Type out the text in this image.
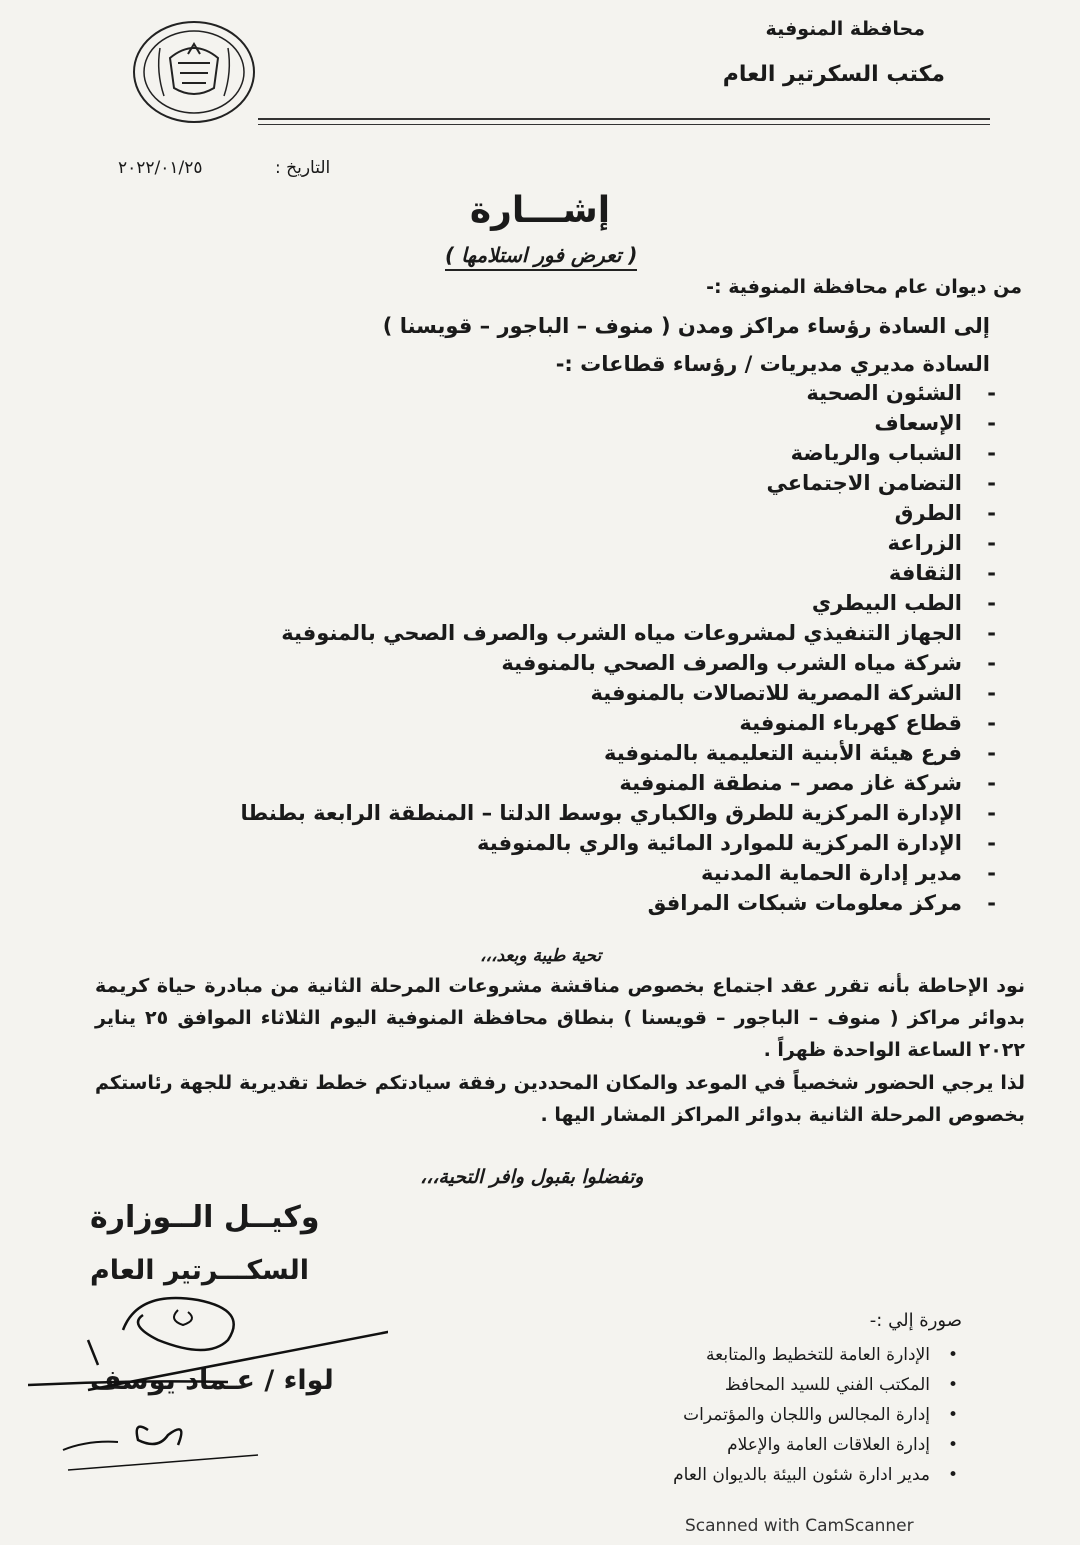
محافظة المنوفية
مكتب السكرتير العام
التاريخ :
٢٠٢٢/٠١/٢٥
إشـــارة
( تعرض فور استلامها )
من ديوان عام محافظة المنوفية :-
إلى السادة رؤساء مراكز ومدن ( منوف – الباجور – قويسنا )
السادة مديري مديريات / رؤساء قطاعات :-
-
الشئون الصحية
-
الإسعاف
-
الشباب والرياضة
-
التضامن الاجتماعي
-
الطرق
-
الزراعة
-
الثقافة
-
الطب البيطري
-
الجهاز التنفيذي لمشروعات مياه الشرب والصرف الصحي بالمنوفية
-
شركة مياه الشرب والصرف الصحي بالمنوفية
-
الشركة المصرية للاتصالات بالمنوفية
-
قطاع كهرباء المنوفية
-
فرع هيئة الأبنية التعليمية بالمنوفية
-
شركة غاز مصر – منطقة المنوفية
-
الإدارة المركزية للطرق والكباري بوسط الدلتا – المنطقة الرابعة بطنطا
-
الإدارة المركزية للموارد المائية والري بالمنوفية
-
مدير إدارة الحماية المدنية
-
مركز معلومات شبكات المرافق
تحية طيبة وبعد،،،
نود الإحاطة بأنه تقرر عقد اجتماع بخصوص مناقشة مشروعات المرحلة الثانية من مبادرة حياة كريمة بدوائر مراكز ( منوف – الباجور – قويسنا ) بنطاق محافظة المنوفية اليوم الثلاثاء الموافق ٢٥ يناير ٢٠٢٢ الساعة الواحدة ظهراً .
لذا يرجي الحضور شخصياً في الموعد والمكان المحددين رفقة سيادتكم خطط تقديرية للجهة رئاستكم بخصوص المرحلة الثانية بدوائر المراكز المشار اليها .
وتفضلوا بقبول وافر التحية،،،
وكيــل الــوزارة
السكـــرتير العام
لواء / عـماد يوسف
صورة إلي :-
•
الإدارة العامة للتخطيط والمتابعة
•
المكتب الفني للسيد المحافظ
•
إدارة المجالس واللجان والمؤتمرات
•
إدارة العلاقات العامة والإعلام
•
مدير ادارة شئون البيئة بالديوان العام
Scanned with CamScanner
